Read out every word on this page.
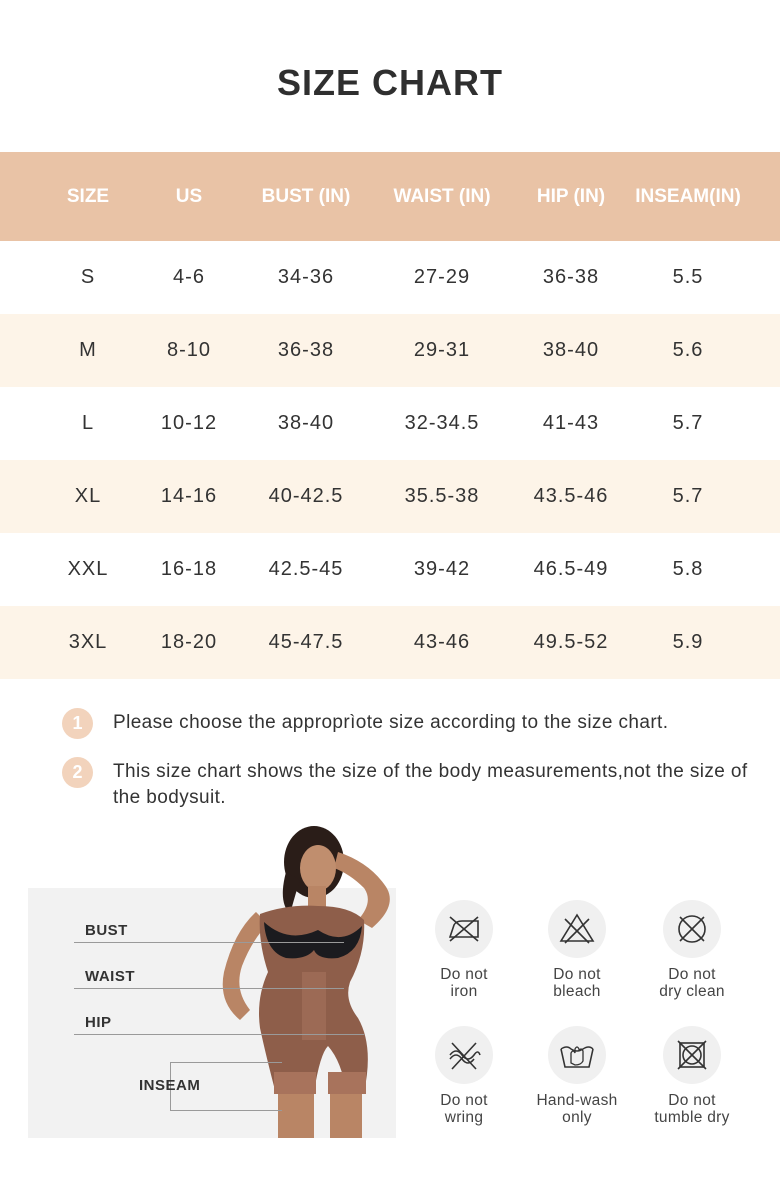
SIZE CHART
SIZE	US	BUST (IN)	WAIST (IN)	HIP (IN)	INSEAM(IN)
S	4-6	34-36	27-29	36-38	5.5
M	8-10	36-38	29-31	38-40	5.6
L	10-12	38-40	32-34.5	41-43	5.7
XL	14-16	40-42.5	35.5-38	43.5-46	5.7
XXL	16-18	42.5-45	39-42	46.5-49	5.8
3XL	18-20	45-47.5	43-46	49.5-52	5.9
1	Please choose the approprìote size according to the size chart.
2	This size chart shows the size of the body measurements,not the size of the bodysuit.
BUST
WAIST
HIP
INSEAM
Do not
iron
Do not
bleach
Do not
dry clean
Do not
wring
Hand-wash
only
Do not
tumble dry
